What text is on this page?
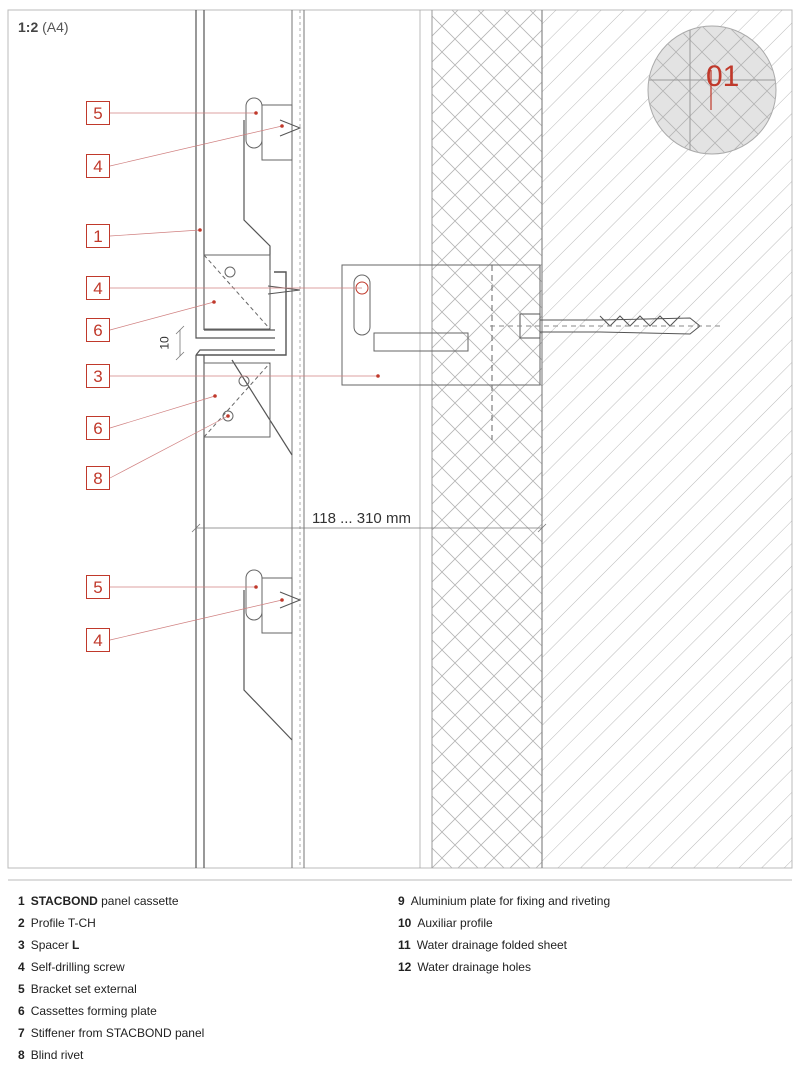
1:2 (A4)
01
5
4
1
4
6
3
6
8
5
4
118 ... 310 mm
10
1 STACBOND panel cassette
2 Profile T-CH
3 Spacer L
4 Self-drilling screw
5 Bracket set external
6 Cassettes forming plate
7 Stiffener from STACBOND panel
8 Blind rivet
9 Aluminium plate for fixing and riveting
10 Auxiliar profile
11 Water drainage folded sheet
12 Water drainage holes
